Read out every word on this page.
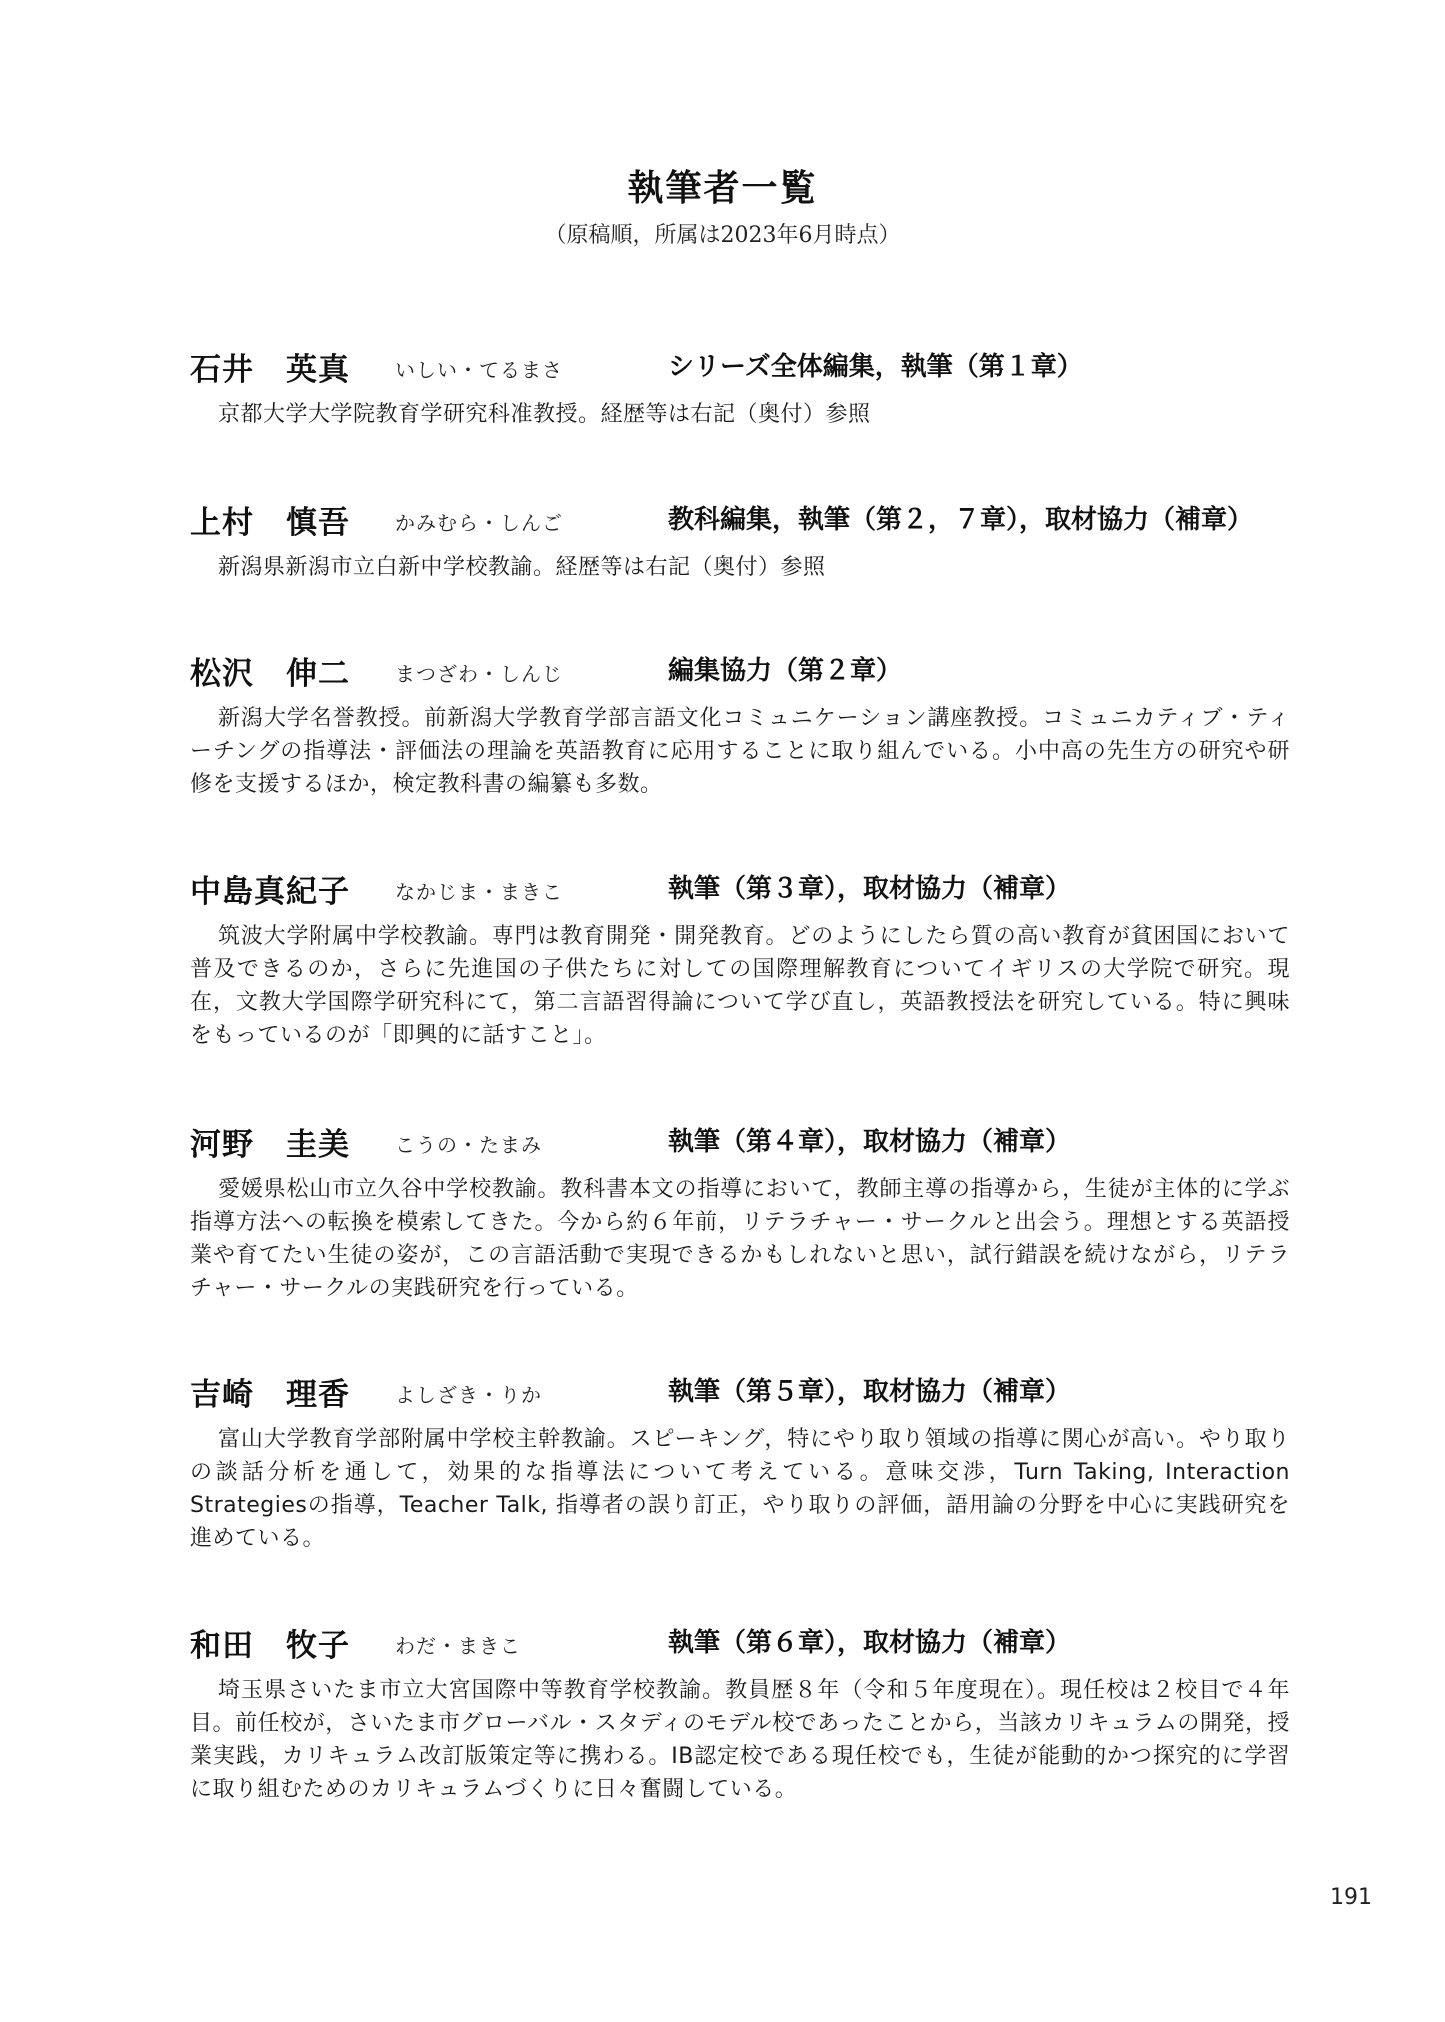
執筆者一覧
（原稿順，所属は2023年6月時点）
石井　英真 いしい・てるまさ	シリーズ全体編集，執筆（第１章）

京都大学大学院教育学研究科准教授。経歴等は右記（奥付）参照

上村　慎吾 かみむら・しんご	教科編集，執筆（第２，７章），取材協力（補章）

新潟県新潟市立白新中学校教諭。経歴等は右記（奥付）参照

松沢　伸二 まつざわ・しんじ	編集協力（第２章）

新潟大学名誉教授。前新潟大学教育学部言語文化コミュニケーション講座教授。コミュニカティブ・ティーチングの指導法・評価法の理論を英語教育に応用することに取り組んでいる。小中高の先生方の研究や研修を支援するほか，検定教科書の編纂も多数。

中島真紀子 なかじま・まきこ	執筆（第３章），取材協力（補章）

筑波大学附属中学校教諭。専門は教育開発・開発教育。どのようにしたら質の高い教育が貧困国において普及できるのか，さらに先進国の子供たちに対しての国際理解教育についてイギリスの大学院で研究。現在，文教大学国際学研究科にて，第二言語習得論について学び直し，英語教授法を研究している。特に興味をもっているのが「即興的に話すこと」。

河野　圭美 こうの・たまみ	執筆（第４章），取材協力（補章）

愛媛県松山市立久谷中学校教諭。教科書本文の指導において，教師主導の指導から，生徒が主体的に学ぶ指導方法への転換を模索してきた。今から約６年前，リテラチャー・サークルと出会う。理想とする英語授業や育てたい生徒の姿が，この言語活動で実現できるかもしれないと思い，試行錯誤を続けながら，リテラチャー・サークルの実践研究を行っている。

吉崎　理香 よしざき・りか	執筆（第５章），取材協力（補章）

富山大学教育学部附属中学校主幹教諭。スピーキング，特にやり取り領域の指導に関心が高い。やり取りの談話分析を通して，効果的な指導法について考えている。意味交渉，Turn Taking, Interaction Strategiesの指導，Teacher Talk, 指導者の誤り訂正，やり取りの評価，語用論の分野を中心に実践研究を進めている。

和田　牧子 わだ・まきこ	執筆（第６章），取材協力（補章）

埼玉県さいたま市立大宮国際中等教育学校教諭。教員歴８年（令和５年度現在）。現任校は２校目で４年目。前任校が，さいたま市グローバル・スタディのモデル校であったことから，当該カリキュラムの開発，授業実践，カリキュラム改訂版策定等に携わる。IB認定校である現任校でも，生徒が能動的かつ探究的に学習に取り組むためのカリキュラムづくりに日々奮闘している。

191
